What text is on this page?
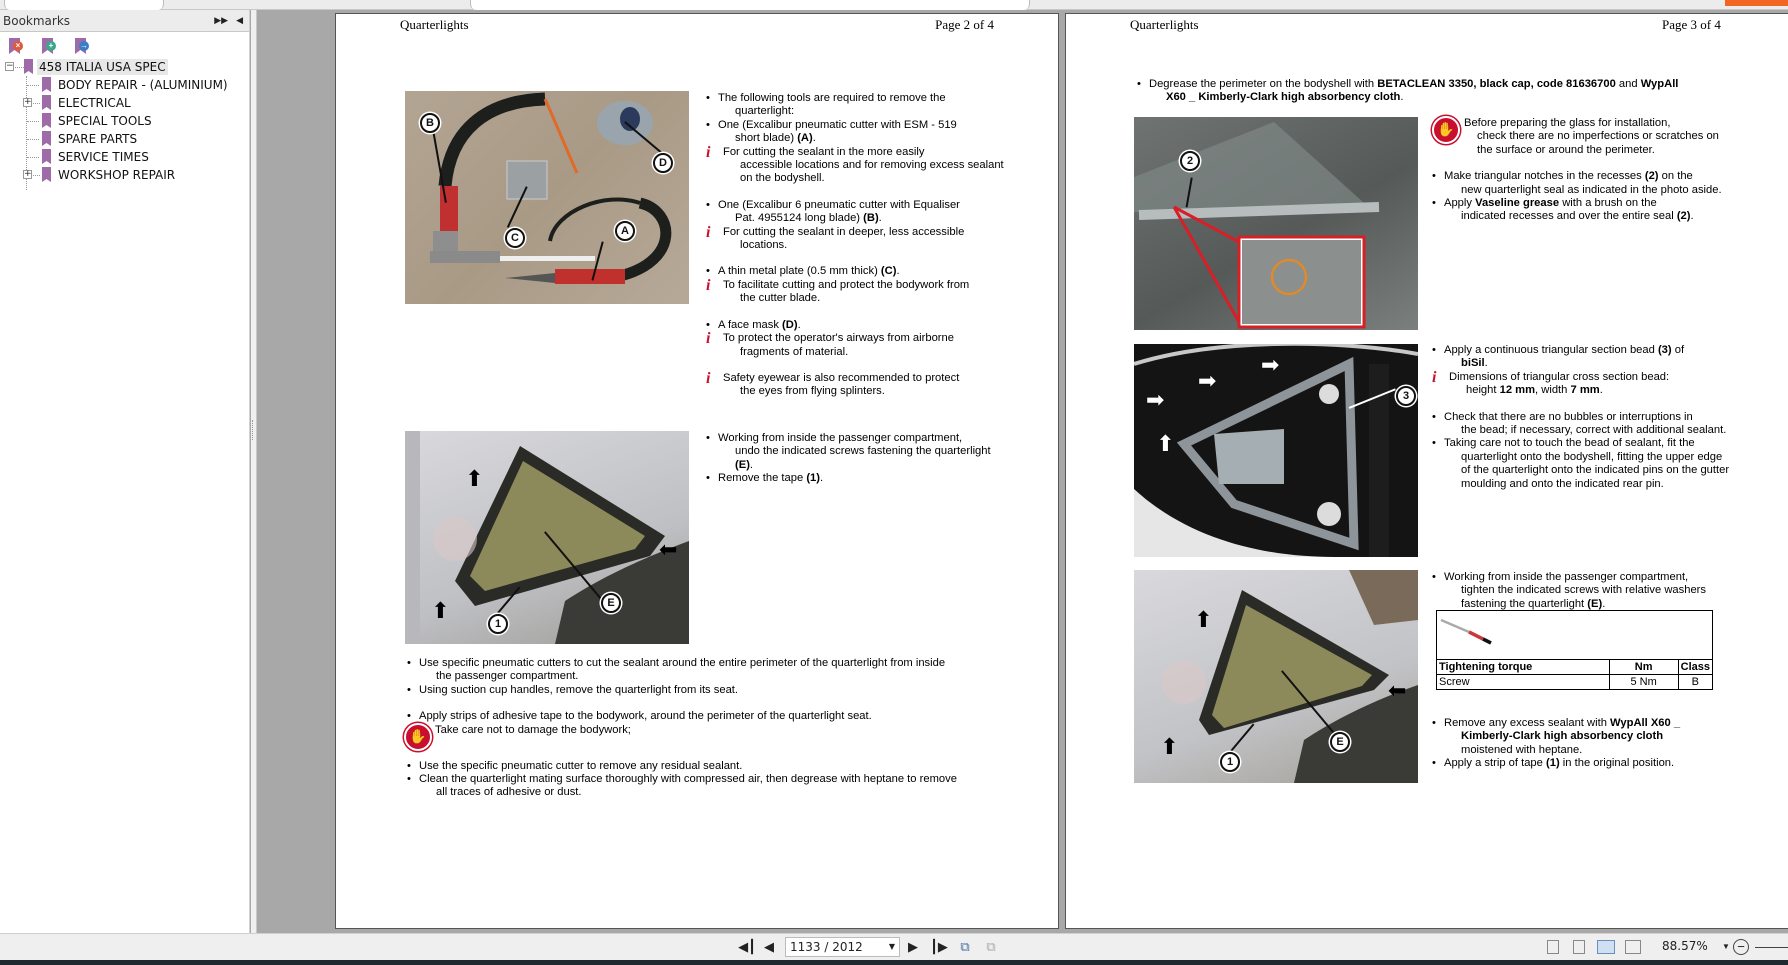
Bookmarks	▶▶ ◀
×	+	→
− 458 ITALIA USA SPEC
BODY REPAIR - (ALUMINIUM)
+ ELECTRICAL
SPECIAL TOOLS
SPARE PARTS
SERVICE TIMES
+ WORKSHOP REPAIR
Quarterlights	Page 2 of 4
B
D
C
A
• The following tools are required to remove the
quarterlight:
• One (Excalibur pneumatic cutter with ESM - 519
short blade) (A).
i For cutting the sealant in the more easily
accessible locations and for removing excess sealant on the bodyshell.
• One (Excalibur 6 pneumatic cutter with Equaliser
Pat. 4955124 long blade) (B).
i For cutting the sealant in deeper, less accessible
locations.
• A thin metal plate (0.5 mm thick) (C).
i To facilitate cutting and protect the bodywork from
the cutter blade.
• A face mask (D).
i To protect the operator's airways from airborne
fragments of material.
i Safety eyewear is also recommended to protect
the eyes from flying splinters.
⬈
⬈
⬈
E
1
• Working from inside the passenger compartment,
undo the indicated screws fastening the quarterlight (E).
• Remove the tape (1).
• Use specific pneumatic cutters to cut the sealant around the entire perimeter of the quarterlight from inside
the passenger compartment.
• Using suction cup handles, remove the quarterlight from its seat.
• Apply strips of adhesive tape to the bodywork, around the perimeter of the quarterlight seat.
✋ Take care not to damage the bodywork;
• Use the specific pneumatic cutter to remove any residual sealant.
• Clean the quarterlight mating surface thoroughly with compressed air, then degrease with heptane to remove
all traces of adhesive or dust.
Quarterlights	Page 3 of 4
• Degrease the perimeter on the bodyshell with BETACLEAN 3350, black cap, code 81636700 and WypAll
X60 _ Kimberly-Clark high absorbency cloth.
2
✋ Before preparing the glass for installation,
check there are no imperfections or scratches on the surface or around the perimeter.
• Make triangular notches in the recesses (2) on the
new quarterlight seal as indicated in the photo aside.
• Apply Vaseline grease with a brush on the
indicated recesses and over the entire seal (2).
⬈
⬈
⬈
⬈
3
• Apply a continuous triangular section bead (3) of
biSil.
i Dimensions of triangular cross section bead:
height 12 mm, width 7 mm.
• Check that there are no bubbles or interruptions in
the bead; if necessary, correct with additional sealant.
• Taking care not to touch the bead of sealant, fit the
quarterlight onto the bodyshell, fitting the upper edge of the quarterlight onto the indicated pins on the gutter moulding and onto the indicated rear pin.
⬈
⬈
⬈
E
1
• Working from inside the passenger compartment,
tighten the indicated screws with relative washers fastening the quarterlight (E).

Tightening torque	Nm	Class
Screw	5 Nm	B
• Remove any excess sealant with WypAll X60 _
Kimberly-Clark high absorbency cloth
moistened with heptane.
• Apply a strip of tape (1) in the original position.
◀┃ ◀	1133 / 2012	▼ ▶ ┃▶ ⧉	⧉	88.57% ▼ −
